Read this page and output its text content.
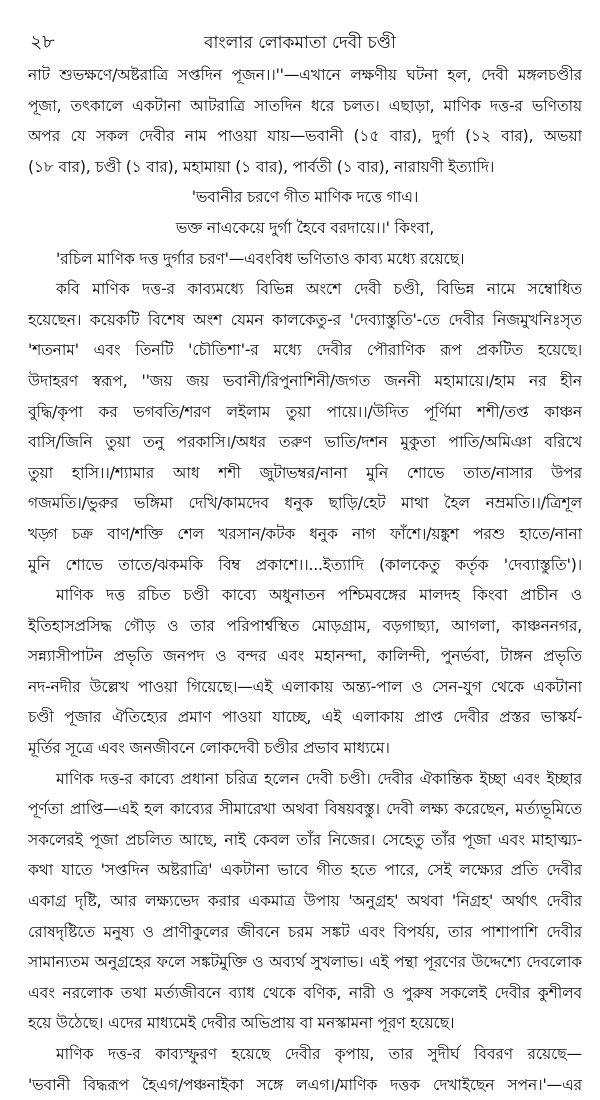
২৮	বাংলার লোকমাতা দেবী চণ্ডী
নাট শুভক্ষণে/অষ্টরাত্রি সপ্তদিন পূজন।।''—এখানে লক্ষণীয় ঘটনা হল, দেবী মঙ্গলচণ্ডীর
পূজা, তৎকালে একটানা আটরাত্রি সাতদিন ধরে চলত। এছাড়া, মাণিক দত্ত-র ভণিতায়
অপর যে সকল দেবীর নাম পাওয়া যায়—ভবানী (১৫ বার), দুর্গা (১২ বার), অভয়া
(১৮ বার), চণ্ডী (১ বার), মহামায়া (১ বার), পার্বতী (১ বার), নারায়ণী ইত্যাদি।
'ভবানীর চরণে গীত মাণিক দত্তে গাএ।
ভক্ত নাএকেয়ে দুর্গা হৈবে বরদায়ে।।' কিংবা,
'রচিল মাণিক দত্ত দুর্গার চরণ'—এবংবিধ ভণিতাও কাব্য মধ্যে রয়েছে।
কবি মাণিক দত্ত-র কাব্যমধ্যে বিভিন্ন অংশে দেবী চণ্ডী, বিভিন্ন নামে সম্বোধিত
হয়েছেন। কয়েকটি বিশেষ অংশ যেমন কালকেতু-র 'দেব্যাস্তুতি'-তে দেবীর নিজমুখনিঃসৃত
'শতনাম' এবং তিনটি 'চৌতিশা'-র মধ্যে দেবীর পৌরাণিক রূপ প্রকটিত হয়েছে।
উদাহরণ স্বরূপ, ''জয় জয় ভবানী/রিপুনাশিনী/জগত জননী মহামায়ে।/হাম নর হীন
বুদ্ধি/কৃপা কর ভগবতি/শরণ লইলাম তুয়া পায়ে।।/উদিত পূর্ণিমা শশী/তপ্ত কাঞ্চন
বাসি/জিনি তুয়া তনু পরকাসি।/অধর তরুণ ভাতি/দশন মুকুতা পাতি/অমিঞা বরিখে
তুয়া হাসি।।/শ্যামার আধ শশী জুটাভম্বর/নানা মুনি শোভে তাত/নাসার উপর
গজমতি।/ভুরুর ভঙ্গিমা দেখি/কামদেব ধনুক ছাড়ি/হেট মাথা হৈল নম্রমতি।।/ত্রিশূল
খড়্গ চক্র বাণ/শক্তি শেল খরসান/কটক ধনুক নাগ ফাঁশে।/য়ঙ্কুশ পরশু হাতে/নানা
মুনি শোভে তাতে/ঝকমকি বিম্ব প্রকাশে।।...ইত্যাদি (কালকেতু কর্তৃক 'দেব্যাস্তুতি')।
মাণিক দত্ত রচিত চণ্ডী কাব্যে অধুনাতন পশ্চিমবঙ্গের মালদহ কিংবা প্রাচীন ও
ইতিহাসপ্রসিদ্ধ গৌড় ও তার পরিপার্শ্বস্থিত মোড়গ্রাম, বড়গাছ্যা, আগলা, কাঞ্চননগর,
সন্ন্যাসীপাটন প্রভৃতি জনপদ ও বন্দর এবং মহানন্দা, কালিন্দী, পুনর্ভবা, টাঙ্গন প্রভৃতি
নদ-নদীর উল্লেখ পাওয়া গিয়েছে।—এই এলাকায় অন্ত্য-পাল ও সেন-যুগ থেকে একটানা
চণ্ডী পূজার ঐতিহ্যের প্রমাণ পাওয়া যাচ্ছে, এই এলাকায় প্রাপ্ত দেবীর প্রস্তর ভাস্কর্য-
মূর্তির সূত্রে এবং জনজীবনে লোকদেবী চণ্ডীর প্রভাব মাধ্যমে।
মাণিক দত্ত-র কাব্যে প্রধানা চরিত্র হলেন দেবী চণ্ডী। দেবীর ঐকান্তিক ইচ্ছা এবং ইচ্ছার
পূর্ণতা প্রাপ্তি—এই হল কাব্যের সীমারেখা অথবা বিষয়বস্তু। দেবী লক্ষ্য করেছেন, মর্ত্যভূমিতে
সকলেরই পূজা প্রচলিত আছে, নাই কেবল তাঁর নিজের। সেহেতু তাঁর পূজা এবং মাহাত্ম্য-
কথা যাতে 'সপ্তদিন অষ্টরাত্রি' একটানা ভাবে গীত হতে পারে, সেই লক্ষ্যের প্রতি দেবীর
একাগ্র দৃষ্টি, আর লক্ষ্যভেদ করার একমাত্র উপায় 'অনুগ্রহ' অথবা 'নিগ্রহ' অর্থাৎ দেবীর
রোষদৃষ্টিতে মনুষ্য ও প্রাণীকুলের জীবনে চরম সঙ্কট এবং বিপর্যয়, তার পাশাপাশি দেবীর
সামান্যতম অনুগ্রহের ফলে সঙ্কটমুক্তি ও অব্যর্থ সুখলাভ। এই পন্থা পূরণের উদ্দেশ্যে দেবলোক
এবং নরলোক তথা মর্ত্যজীবনে ব্যাধ থেকে বণিক, নারী ও পুরুষ সকলেই দেবীর কুশীলব
হয়ে উঠেছে। এদের মাধ্যমেই দেবীর অভিপ্রায় বা মনস্কামনা পূরণ হয়েছে।
মাণিক দত্ত-র কাব্যস্ফুরণ হয়েছে দেবীর কৃপায়, তার সুদীর্ঘ বিবরণ রয়েছে—
'ভবানী বিদ্ধরূপ হৈএগ/পঞ্চনাইকা সঙ্গে লএগ।/মাণিক দত্তক দেখাইছেন সপন।'—এর
